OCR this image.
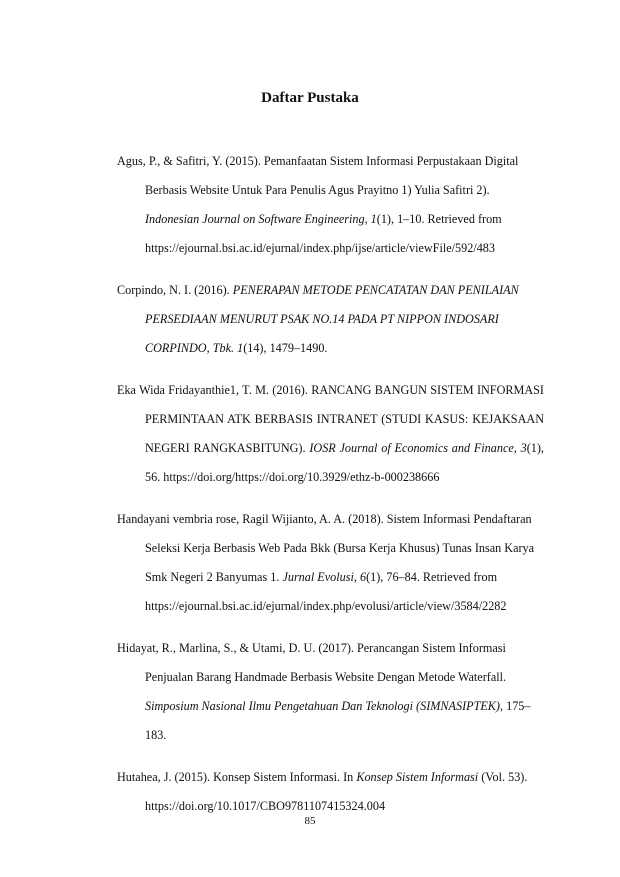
Daftar Pustaka

Agus, P., & Safitri, Y. (2015). Pemanfaatan Sistem Informasi Perpustakaan Digital Berbasis Website Untuk Para Penulis Agus Prayitno 1) Yulia Safitri 2). Indonesian Journal on Software Engineering, 1(1), 1–10. Retrieved from https://ejournal.bsi.ac.id/ejurnal/index.php/ijse/article/viewFile/592/483

Corpindo, N. I. (2016). PENERAPAN METODE PENCATATAN DAN PENILAIAN PERSEDIAAN MENURUT PSAK NO.14 PADA PT NIPPON INDOSARI CORPINDO, Tbk. 1(14), 1479–1490.

Eka Wida Fridayanthie1, T. M. (2016). RANCANG BANGUN SISTEM INFORMASI PERMINTAAN ATK BERBASIS INTRANET (STUDI KASUS: KEJAKSAAN NEGERI RANGKASBITUNG). IOSR Journal of Economics and Finance, 3(1), 56. https://doi.org/https://doi.org/10.3929/ethz-b-000238666

Handayani vembria rose, Ragil Wijianto, A. A. (2018). Sistem Informasi Pendaftaran Seleksi Kerja Berbasis Web Pada Bkk (Bursa Kerja Khusus) Tunas Insan Karya Smk Negeri 2 Banyumas 1. Jurnal Evolusi, 6(1), 76–84. Retrieved from https://ejournal.bsi.ac.id/ejurnal/index.php/evolusi/article/view/3584/2282

Hidayat, R., Marlina, S., & Utami, D. U. (2017). Perancangan Sistem Informasi Penjualan Barang Handmade Berbasis Website Dengan Metode Waterfall. Simposium Nasional Ilmu Pengetahuan Dan Teknologi (SIMNASIPTEK), 175–183.

Hutahea, J. (2015). Konsep Sistem Informasi. In Konsep Sistem Informasi (Vol. 53). https://doi.org/10.1017/CBO9781107415324.004

85
